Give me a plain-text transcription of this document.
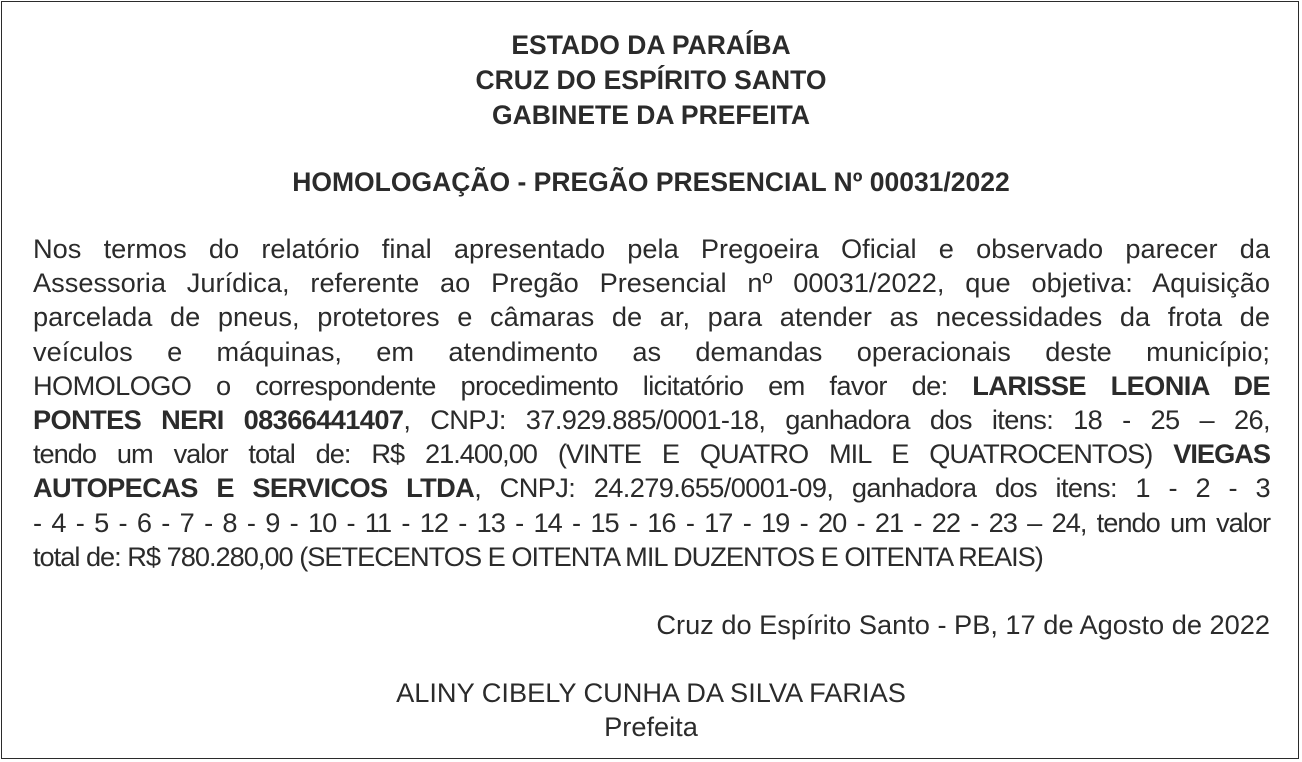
ESTADO DA PARAÍBA
CRUZ DO ESPÍRITO SANTO
GABINETE DA PREFEITA
HOMOLOGAÇÃO - PREGÃO PRESENCIAL Nº 00031/2022
Nos termos do relatório final apresentado pela Pregoeira Oficial e observado parecer da
Assessoria Jurídica, referente ao Pregão Presencial nº 00031/2022, que objetiva: Aquisição
parcelada de pneus, protetores e câmaras de ar, para atender as necessidades da frota de
veículos e máquinas, em atendimento as demandas operacionais deste município;
HOMOLOGO o correspondente procedimento licitatório em favor de: LARISSE LEONIA DE
PONTES NERI 08366441407, CNPJ: 37.929.885/0001-18, ganhadora dos itens: 18 - 25 – 26,
tendo um valor total de: R$ 21.400,00 (VINTE E QUATRO MIL E QUATROCENTOS) VIEGAS
AUTOPECAS E SERVICOS LTDA, CNPJ: 24.279.655/0001-09, ganhadora dos itens: 1 - 2 - 3
- 4 - 5 - 6 - 7 - 8 - 9 - 10 - 11 - 12 - 13 - 14 - 15 - 16 - 17 - 19 - 20 - 21 - 22 - 23 – 24, tendo um valor
total de: R$ 780.280,00 (SETECENTOS E OITENTA MIL DUZENTOS E OITENTA REAIS)
Cruz do Espírito Santo - PB, 17 de Agosto de 2022
ALINY CIBELY CUNHA DA SILVA FARIAS
Prefeita
